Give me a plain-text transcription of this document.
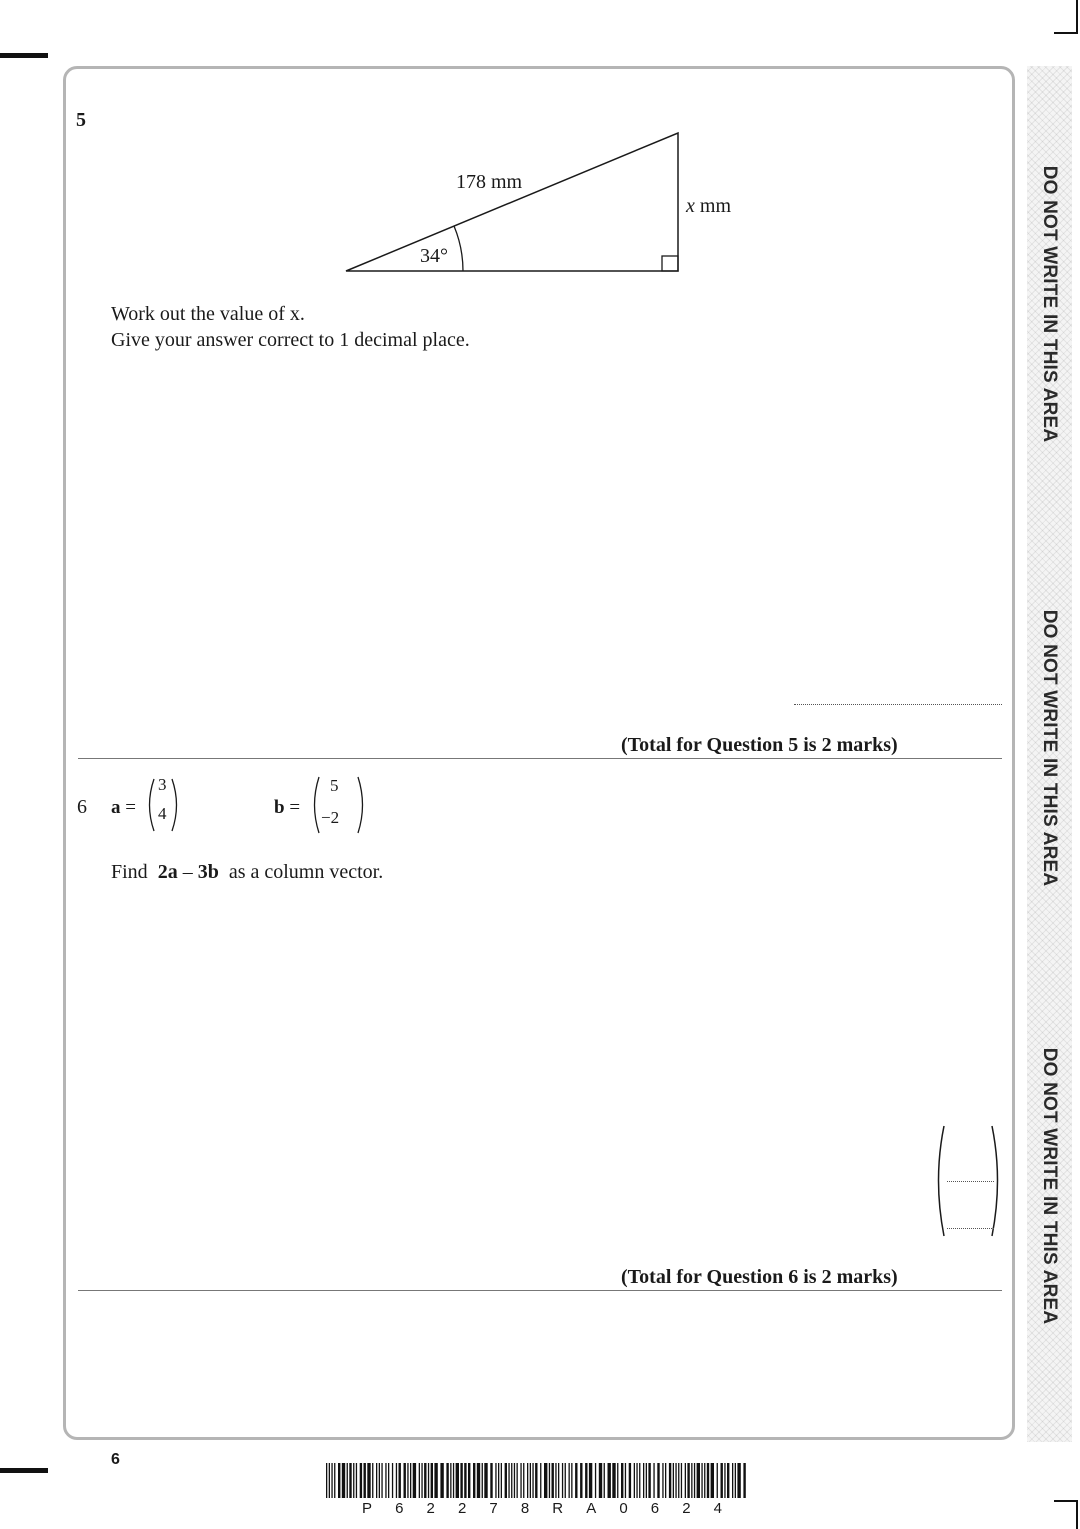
DO NOT WRITE IN THIS AREA
DO NOT WRITE IN THIS AREA
DO NOT WRITE IN THIS AREA
5
178 mm
x mm
34°
Work out the value of x.
Give your answer correct to 1 decimal place.
(Total for Question 5 is 2 marks)
6 a =
3
4	b =
5
−2
Find 2a – 3b as a column vector.
(Total for Question 6 is 2 marks)
6
P 6 2 2 7 8 R A 0 6 2 4
